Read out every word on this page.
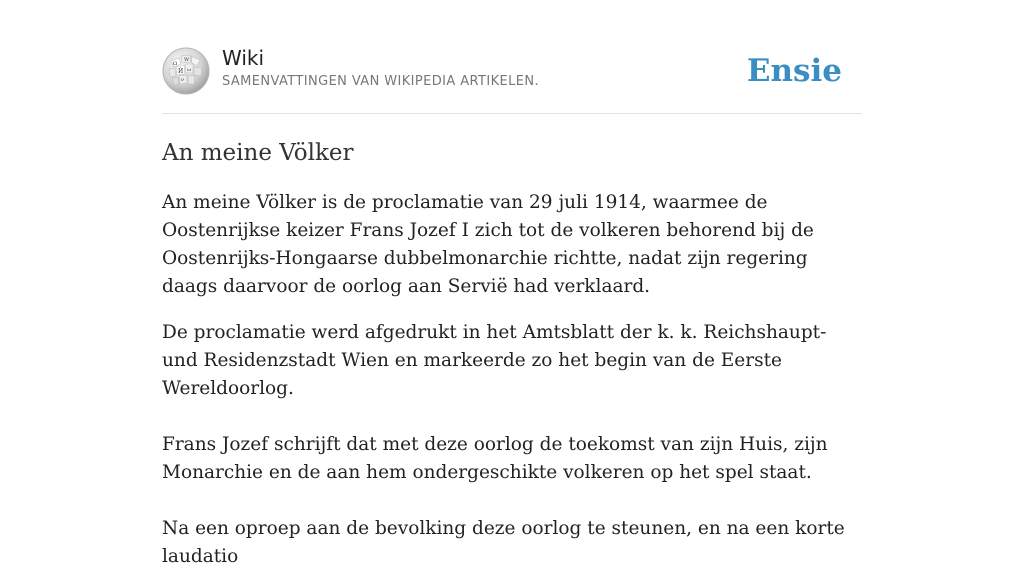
Ω
W
Ѝ ω
ν
Wiki
SAMENVATTINGEN VAN WIKIPEDIA ARTIKELEN.	Ensie
An meine Völker

An meine Völker is de proclamatie van 29 juli 1914, waarmee de Oostenrijkse keizer Frans Jozef I zich tot de volkeren behorend bij de Oostenrijks-Hongaarse dubbelmonarchie richtte, nadat zijn regering daags daarvoor de oorlog aan Servië had verklaard.

De proclamatie werd afgedrukt in het Amtsblatt der k. k. Reichshaupt- und Residenzstadt Wien en markeerde zo het begin van de Eerste Wereldoorlog.

Frans Jozef schrijft dat met deze oorlog de toekomst van zijn Huis, zijn Monarchie en de aan hem ondergeschikte volkeren op het spel staat.

Na een oproep aan de bevolking deze oorlog te steunen, en na een korte laudatio
